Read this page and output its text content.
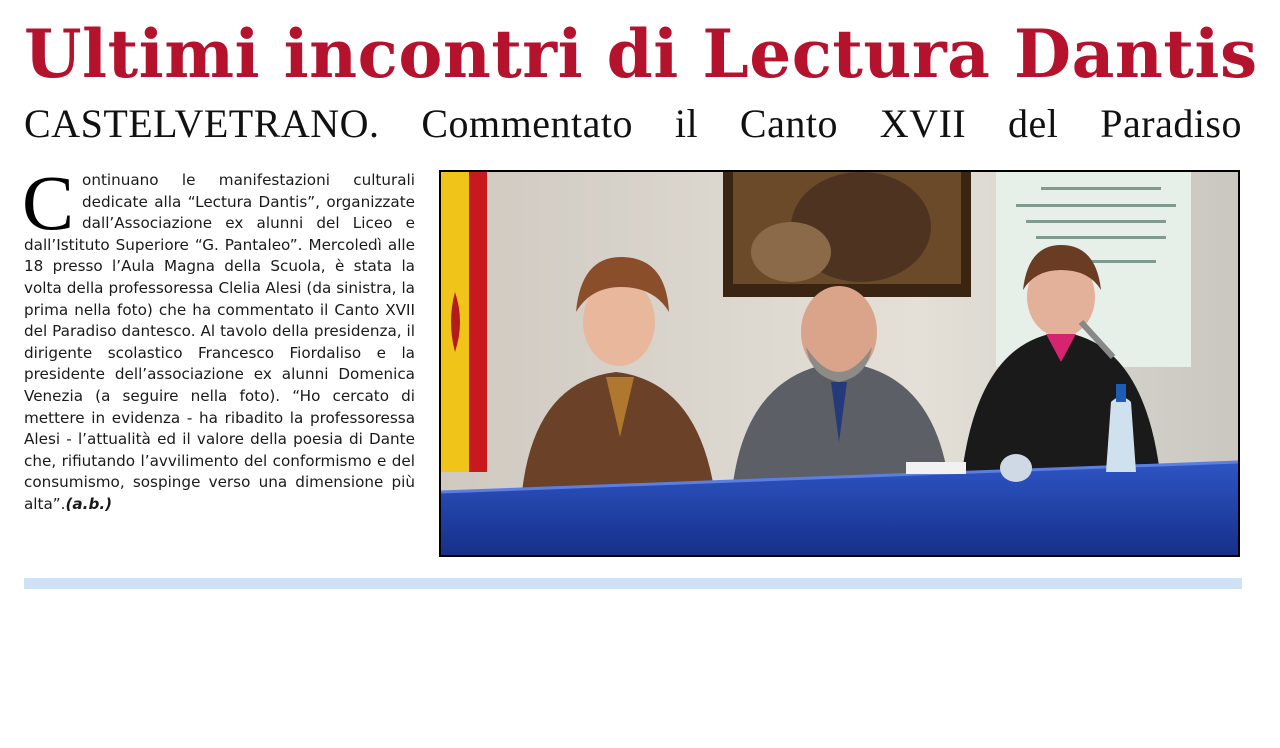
Ultimi incontri di Lectura Dantis
CASTELVETRANO. Commentato il Canto XVII del Paradiso
Continuano le manifestazioni culturali dedicate alla “Lectura Dantis”, organizzate dall’Associazione ex alunni del Liceo e dall’Istituto Superiore “G. Pantaleo”. Mercoledì alle 18 presso l’Aula Magna della Scuola, è stata la volta della professoressa Clelia Alesi (da sinistra, la prima nella foto) che ha commentato il Canto XVII del Paradiso dantesco. Al tavolo della presidenza, il dirigente scolastico Francesco Fiordaliso e la presidente dell’associazione ex alunni Domenica Venezia (a seguire nella foto). “Ho cercato di mettere in evidenza - ha ribadito la professoressa Alesi - l’attualità ed il valore della poesia di Dante che, rifiutando l’avvilimento del conformismo e del consumismo, sospinge verso una dimensione più alta”.(a.b.)
